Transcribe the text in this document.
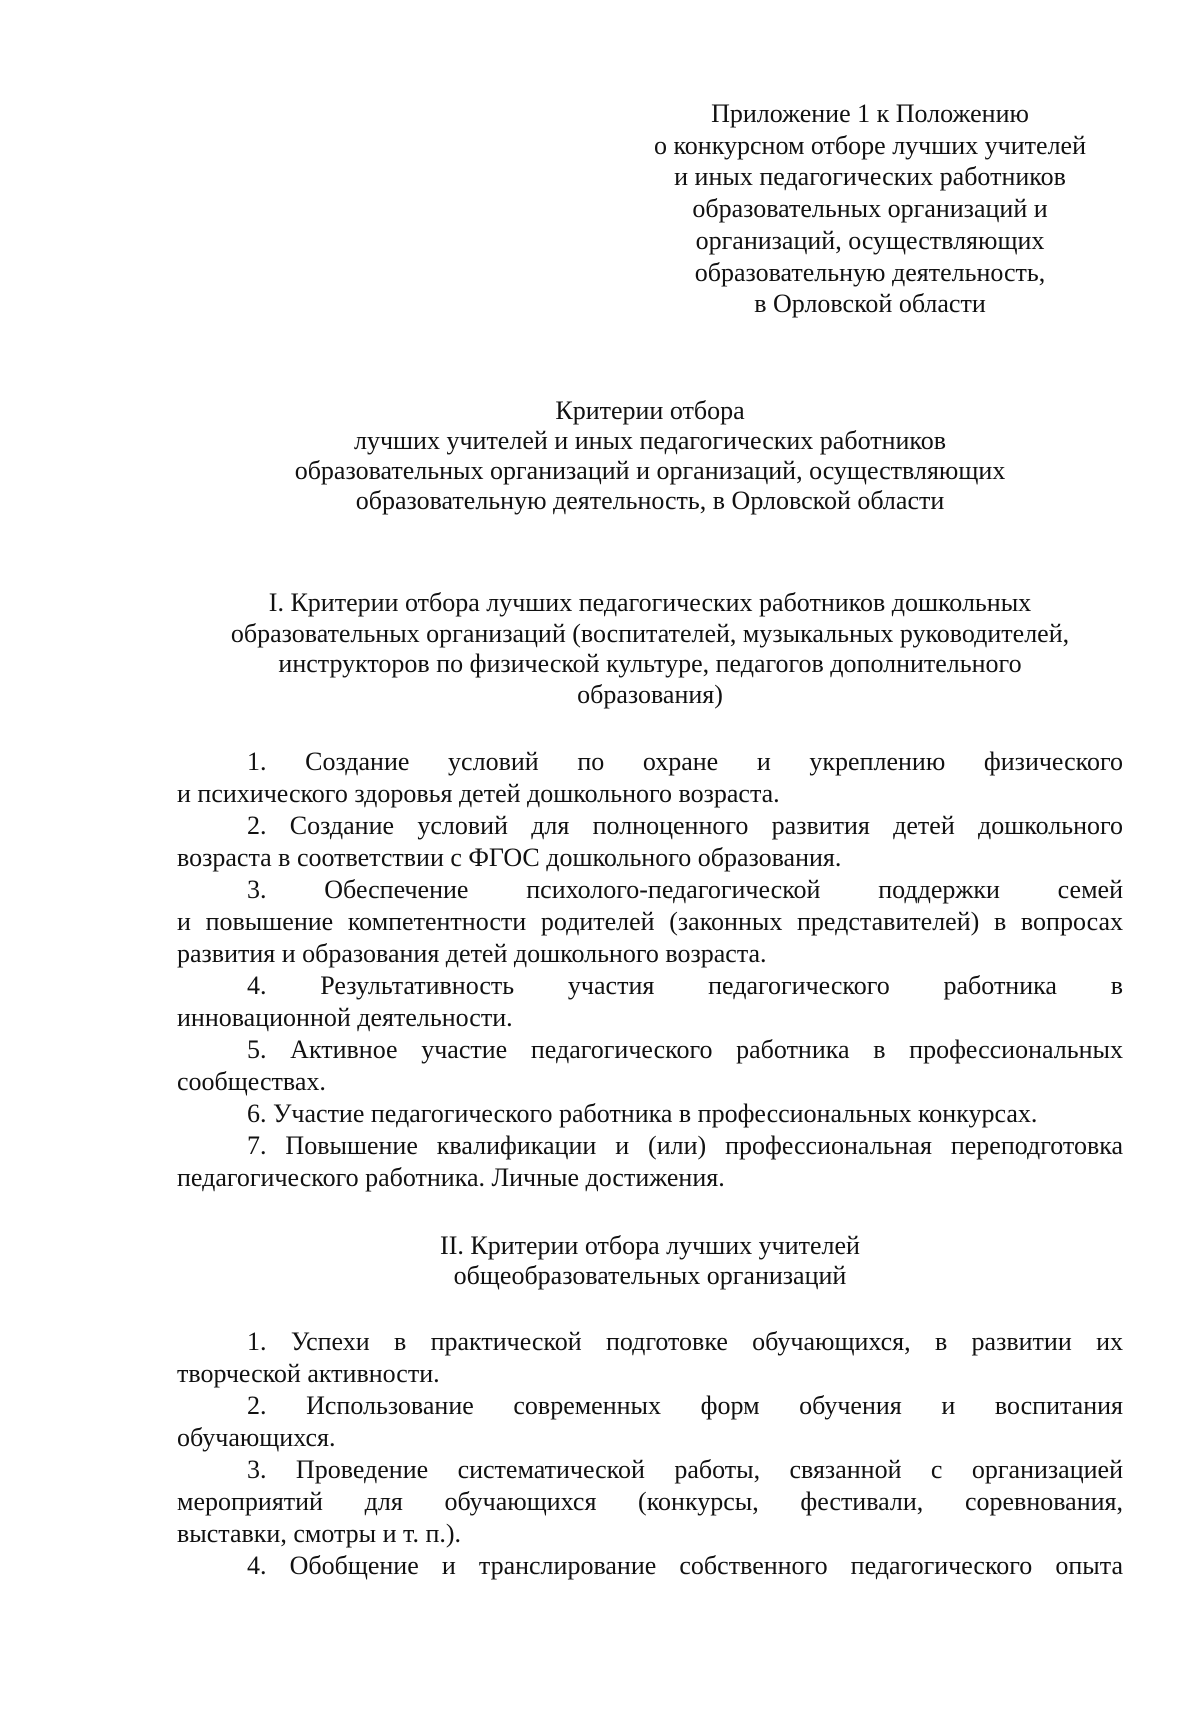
Приложение 1 к Положению
о конкурсном отборе лучших учителей
и иных педагогических работников
образовательных организаций и
организаций, осуществляющих
образовательную деятельность,
в Орловской области
Критерии отбора
лучших учителей и иных педагогических работников
образовательных организаций и организаций, осуществляющих
образовательную деятельность, в Орловской области
I. Критерии отбора лучших педагогических работников дошкольных
образовательных организаций (воспитателей, музыкальных руководителей,
инструкторов по физической культуре, педагогов дополнительного
образования)
1. Создание условий по охране и укреплению физического
и психического здоровья детей дошкольного возраста.
2. Создание условий для полноценного развития детей дошкольного
возраста в соответствии с ФГОС дошкольного образования.
3. Обеспечение психолого-педагогической поддержки семей
и повышение компетентности родителей (законных представителей) в вопросах
развития и образования детей дошкольного возраста.
4. Результативность участия педагогического работника в
инновационной деятельности.
5. Активное участие педагогического работника в профессиональных
сообществах.
6. Участие педагогического работника в профессиональных конкурсах.
7. Повышение квалификации и (или) профессиональная переподготовка
педагогического работника. Личные достижения.
II. Критерии отбора лучших учителей
общеобразовательных организаций
1. Успехи в практической подготовке обучающихся, в развитии их
творческой активности.
2. Использование современных форм обучения и воспитания
обучающихся.
3. Проведение систематической работы, связанной с организацией
мероприятий для обучающихся (конкурсы, фестивали, соревнования,
выставки, смотры и т. п.).
4. Обобщение и транслирование собственного педагогического опыта
